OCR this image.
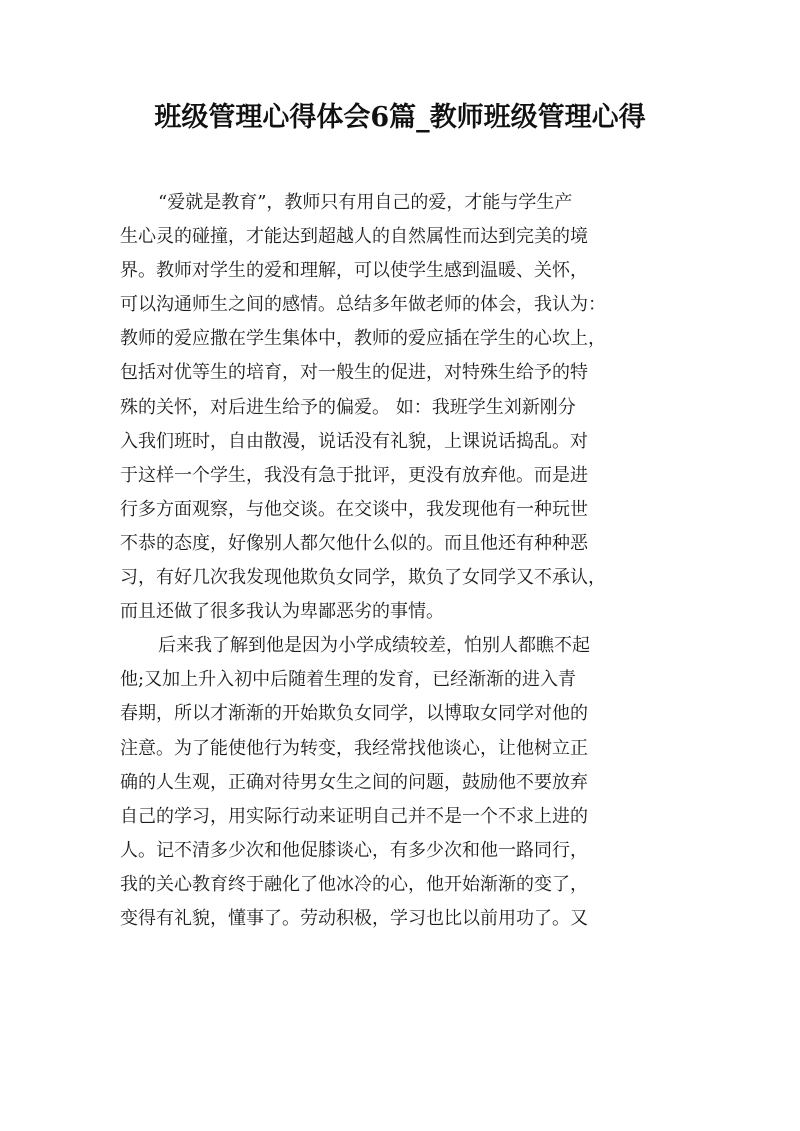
班级管理心得体会6篇_教师班级管理心得
“爱就是教育”，教师只有用自己的爱，才能与学生产
生心灵的碰撞，才能达到超越人的自然属性而达到完美的境
界。教师对学生的爱和理解，可以使学生感到温暖、关怀，
可以沟通师生之间的感情。总结多年做老师的体会，我认为：
教师的爱应撒在学生集体中，教师的爱应插在学生的心坎上，
包括对优等生的培育，对一般生的促进，对特殊生给予的特
殊的关怀，对后进生给予的偏爱。 如：我班学生刘新刚分
入我们班时，自由散漫，说话没有礼貌，上课说话捣乱。对
于这样一个学生，我没有急于批评，更没有放弃他。而是进
行多方面观察，与他交谈。在交谈中，我发现他有一种玩世
不恭的态度，好像别人都欠他什么似的。而且他还有种种恶
习，有好几次我发现他欺负女同学，欺负了女同学又不承认，
而且还做了很多我认为卑鄙恶劣的事情。
后来我了解到他是因为小学成绩较差，怕别人都瞧不起
他;又加上升入初中后随着生理的发育，已经渐渐的进入青
春期，所以才渐渐的开始欺负女同学，以博取女同学对他的
注意。为了能使他行为转变，我经常找他谈心，让他树立正
确的人生观，正确对待男女生之间的问题，鼓励他不要放弃
自己的学习，用实际行动来证明自己并不是一个不求上进的
人。记不清多少次和他促膝谈心，有多少次和他一路同行，
我的关心教育终于融化了他冰冷的心，他开始渐渐的变了，
变得有礼貌，懂事了。劳动积极，学习也比以前用功了。又
